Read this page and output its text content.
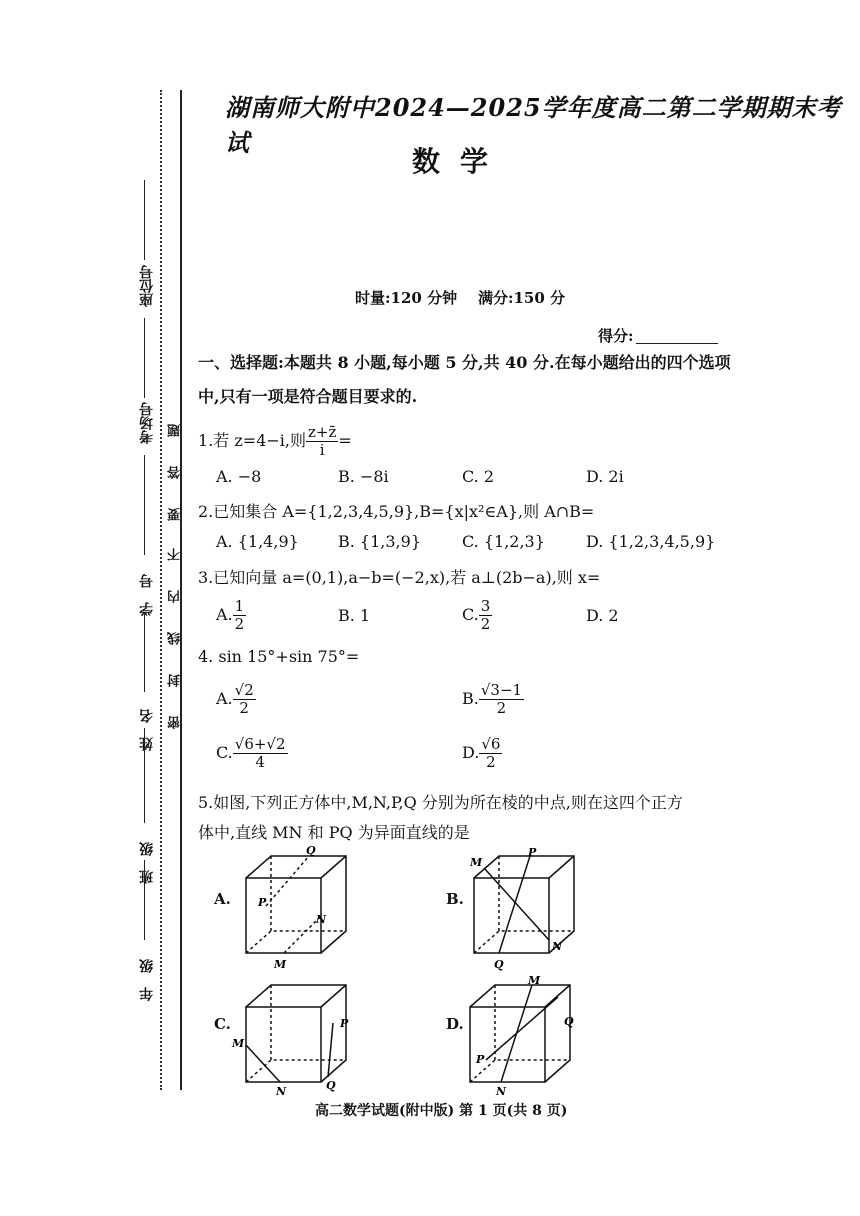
座位号
考场号
学号
姓名
班级
年级
题
答
要
不
内
线
封
密
湖南师大附中2024—2025学年度高二第二学期期末考试
数学
时量:120 分钟    满分:150 分
得分:
一、选择题:本题共 8 小题,每小题 5 分,共 40 分.在每小题给出的四个选项中,只有一项是符合题目要求的.
1.若 z=4−i,则 $\frac{z+z̄}{i}$ =
A. −8	B. −8i	C. 2	D. 2i
2.已知集合 A={1,2,3,4,5,9},B={x|x²∈A},则 A∩B=
A. {1,4,9} B. {1,3,9}	C. {1,2,3}	D. {1,2,3,4,5,9}
3.已知向量 a=(0,1),a−b=(−2,x),若 a⊥(2b−a),则 x=
A. $\frac{1}{2}$	B. 1	C. $\frac{3}{2}$	D. 2
4. sin 15°+sin 75°=
A. $\frac{√2}{2}$	B. $\frac{√3-1}{2}$
C. $\frac{√6+√2}{4}$	D. $\frac{√6}{2}$
5.如图,下列正方体中,M,N,P,Q 分别为所在棱的中点,则在这四个正方
体中,直线 MN 和 PQ 为异面直线的是
A.
Q
P
N
M
B.
M
P
N
Q
C.	P
M
N	Q
D.
M
Q
P
N
高二数学试题(附中版) 第 1 页(共 8 页)
